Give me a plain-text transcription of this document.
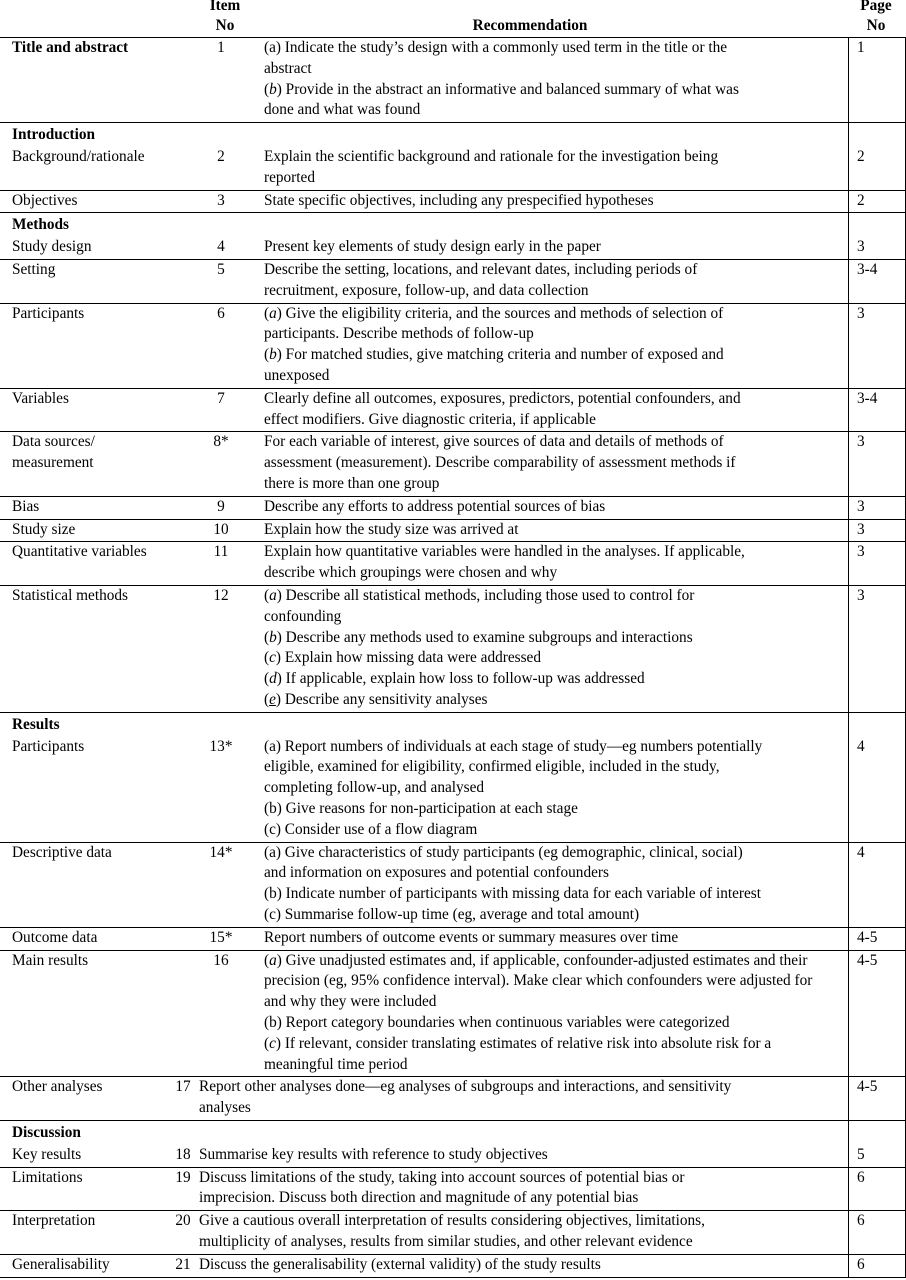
Item
No	Recommendation
Page
No
Title and abstract	1	(a) Indicate the study’s design with a commonly used term in the title or the
abstract
(b) Provide in the abstract an informative and balanced summary of what was
done and what was found
1
Introduction
Background/rationale	2	Explain the scientific background and rationale for the investigation being
reported
2
Objectives	3	State specific objectives, including any prespecified hypotheses	2
Methods
Study design	4	Present key elements of study design early in the paper	3
Setting	5	Describe the setting, locations, and relevant dates, including periods of
recruitment, exposure, follow-up, and data collection
3-4
Participants	6	(a) Give the eligibility criteria, and the sources and methods of selection of
participants. Describe methods of follow-up
(b) For matched studies, give matching criteria and number of exposed and
unexposed
3
Variables	7	Clearly define all outcomes, exposures, predictors, potential confounders, and
effect modifiers. Give diagnostic criteria, if applicable
3-4
Data sources/
measurement
8*	For each variable of interest, give sources of data and details of methods of
assessment (measurement). Describe comparability of assessment methods if
there is more than one group
3
Bias	9	Describe any efforts to address potential sources of bias	3
Study size	10	Explain how the study size was arrived at	3
Quantitative variables	11	Explain how quantitative variables were handled in the analyses. If applicable,
describe which groupings were chosen and why
3
Statistical methods	12	(a) Describe all statistical methods, including those used to control for
confounding
(b) Describe any methods used to examine subgroups and interactions
(c) Explain how missing data were addressed
(d) If applicable, explain how loss to follow-up was addressed
(e) Describe any sensitivity analyses
3
Results
Participants	13*	(a) Report numbers of individuals at each stage of study—eg numbers potentially
eligible, examined for eligibility, confirmed eligible, included in the study,
completing follow-up, and analysed
(b) Give reasons for non-participation at each stage
(c) Consider use of a flow diagram
4
Descriptive data	14*	(a) Give characteristics of study participants (eg demographic, clinical, social)
and information on exposures and potential confounders
(b) Indicate number of participants with missing data for each variable of interest
(c) Summarise follow-up time (eg, average and total amount)
4
Outcome data	15*	Report numbers of outcome events or summary measures over time	4-5
Main results	16	(a) Give unadjusted estimates and, if applicable, confounder-adjusted estimates and their
precision (eg, 95% confidence interval). Make clear which confounders were adjusted for
and why they were included
(b) Report category boundaries when continuous variables were categorized
(c) If relevant, consider translating estimates of relative risk into absolute risk for a
meaningful time period
4-5
Other analyses	17 Report other analyses done—eg analyses of subgroups and interactions, and sensitivity
analyses
4-5
Discussion
Key results	18 Summarise key results with reference to study objectives	5
Limitations	19 Discuss limitations of the study, taking into account sources of potential bias or
imprecision. Discuss both direction and magnitude of any potential bias
6
Interpretation	20 Give a cautious overall interpretation of results considering objectives, limitations,
multiplicity of analyses, results from similar studies, and other relevant evidence
6
Generalisability	21 Discuss the generalisability (external validity) of the study results	6
